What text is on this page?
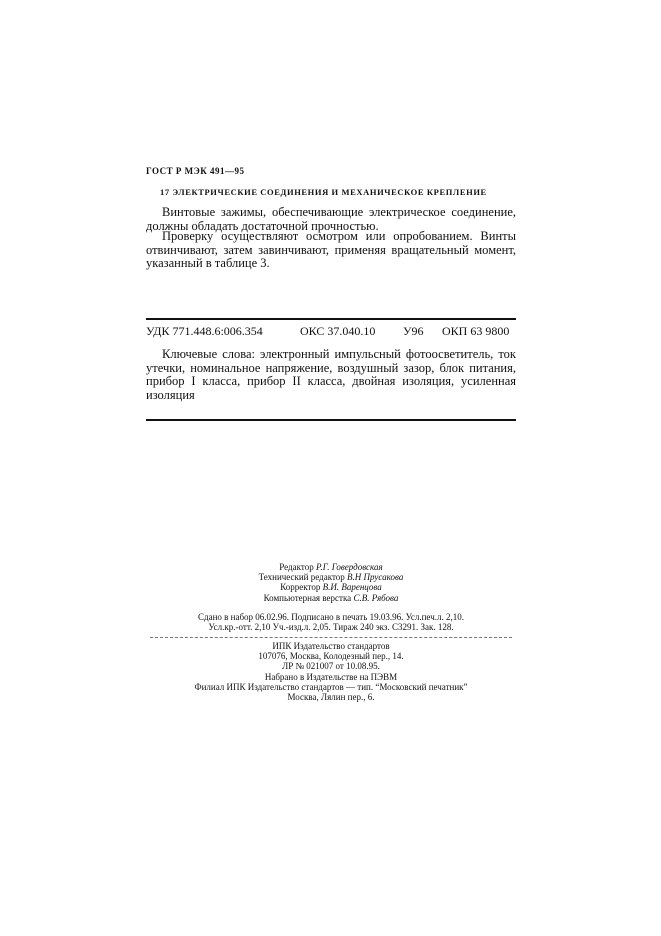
ГОСТ Р МЭК 491—95
17 ЭЛЕКТРИЧЕСКИЕ СОЕДИНЕНИЯ И МЕХАНИЧЕСКОЕ КРЕПЛЕНИЕ

Винтовые зажимы, обеспечивающие электрическое соединение, должны обладать достаточной прочностью.

Проверку осуществляют осмотром или опробованием. Винты отвинчивают, затем завинчивают, применяя вращательный момент, указанный в таблице 3.

УДК 771.448.6:006.354	ОКС 37.040.10 У96 ОКП 63 9800

Ключевые слова: электронный импульсный фотоосветитель, ток утечки, номинальное напряжение, воздушный зазор, блок питания, прибор I класса, прибор II класса, двойная изоляция, усиленная изоляция

Редактор Р.Г. Говердовская
Технический редактор В.Н Прусакова
Корректор В.И. Варенцова
Компьютерная верстка С.В. Рябова
Сдано в набор 06.02.96. Подписано в печать 19.03.96. Усл.печ.л. 2,10.
Усл.кр.-отт. 2,10 Уч.-изд.л. 2,05. Тираж 240 экз. С3291. Зак. 128.
ИПК Издательство стандартов
107076, Москва, Колодезный пер., 14.
ЛР № 021007 от 10.08.95.
Набрано в Издательстве на ПЭВМ
Филиал ИПК Издательство стандартов — тип. “Московский печатник”
Москва, Лялин пер., 6.
